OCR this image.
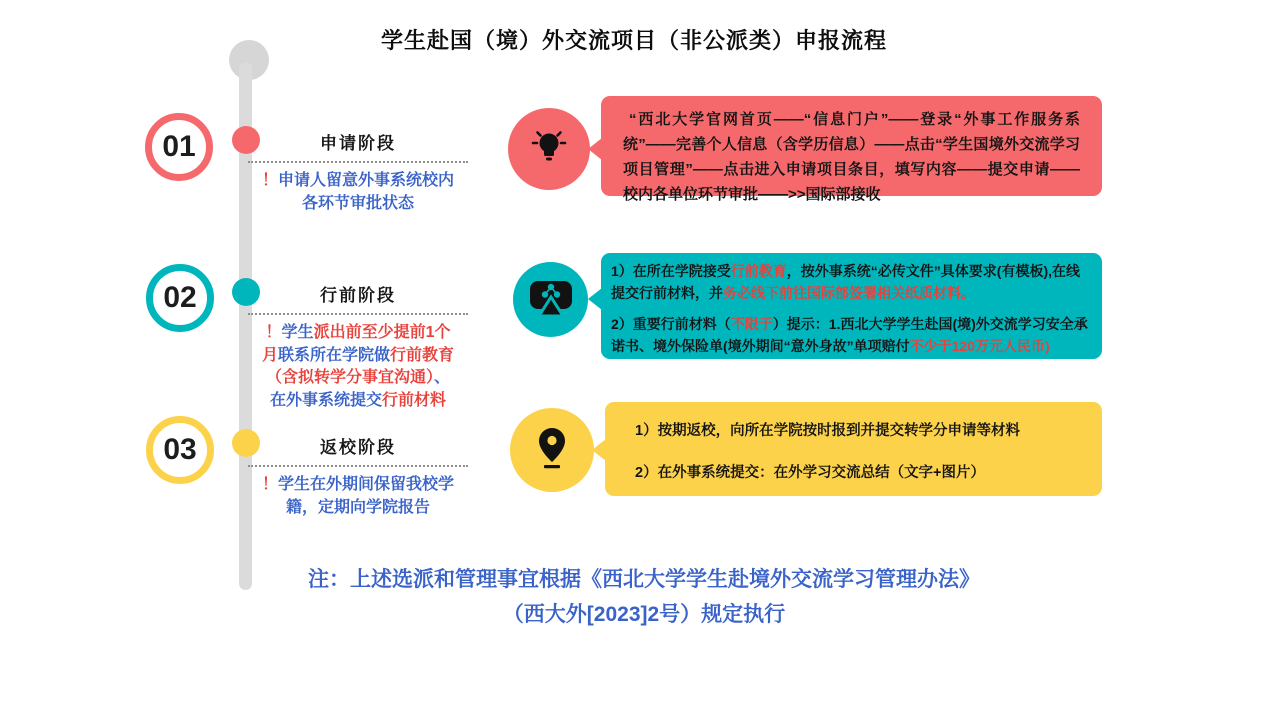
学生赴国（境）外交流项目（非公派类）申报流程
01	申请阶段
！申请人留意外事系统校内各环节审批状态
“西北大学官网首页——“信息门户”——登录“外事工作服务系统”——完善个人信息（含学历信息）——点击“学生国境外交流学习项目管理”——点击进入申请项目条目，填写内容——提交申请——校内各单位环节审批——>>国际部接收
02	行前阶段
！学生派出前至少提前1个月联系所在学院做行前教育（含拟转学分事宜沟通）、在外事系统提交行前材料
1）在所在学院接受行前教育，按外事系统“必传文件”具体要求(有模板),在线提交行前材料，并务必线下前往国际部签署相关纸质材料。
2）重要行前材料（不限于）提示：1.西北大学学生赴国(境)外交流学习安全承诺书、境外保险单(境外期间“意外身故”单项赔付不少于120万元人民币)
03	返校阶段
！学生在外期间保留我校学籍，定期向学院报告
1）按期返校，向所在学院按时报到并提交转学分申请等材料
2）在外事系统提交：在外学习交流总结（文字+图片）
注：上述选派和管理事宜根据《西北大学学生赴境外交流学习管理办法》
（西大外[2023]2号）规定执行
